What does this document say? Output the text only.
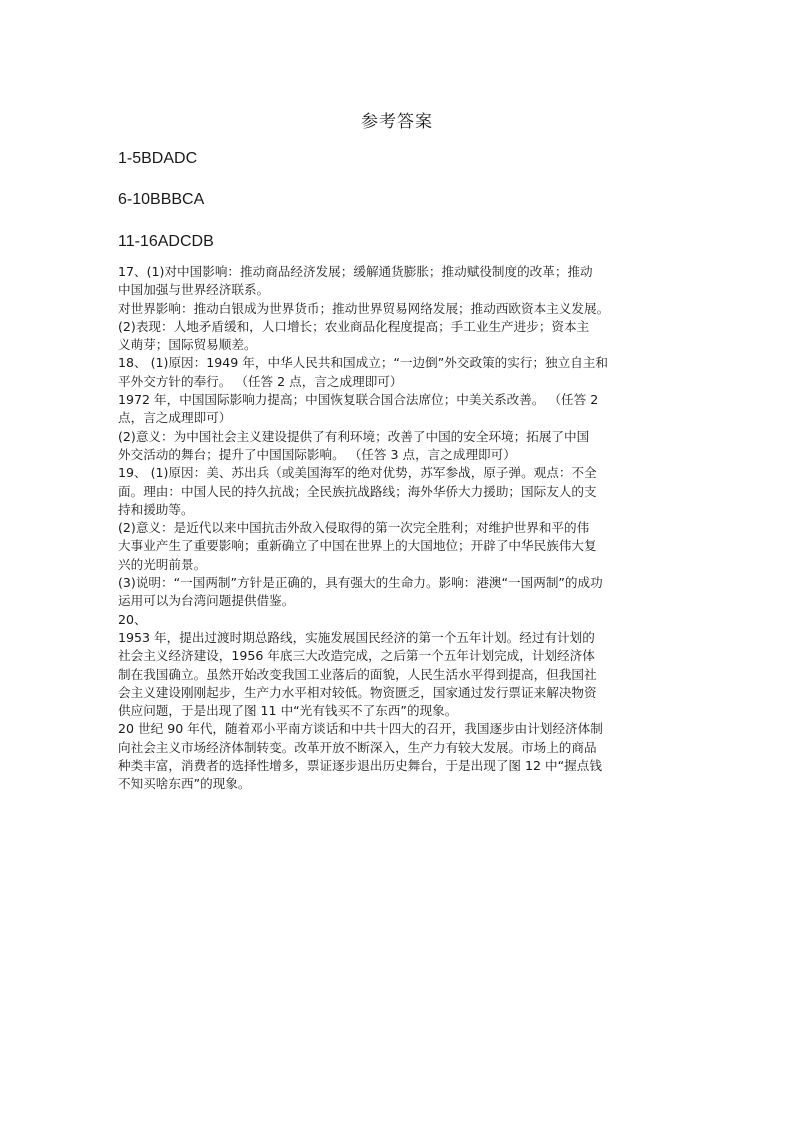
参考答案
1-5BDADC
6-10BBBCA
11-16ADCDB
17、(1)对中国影响：推动商品经济发展；缓解通货膨胀；推动赋役制度的改革；推动
中国加强与世界经济联系。
对世界影响：推动白银成为世界货币；推动世界贸易网络发展；推动西欧资本主义发展。
(2)表现：人地矛盾缓和，人口增长；农业商品化程度提高；手工业生产进步；资本主
义萌芽；国际贸易顺差。
18、 (1)原因：1949 年，中华人民共和国成立；“一边倒”外交政策的实行；独立自主和
平外交方针的奉行。 （任答 2 点，言之成理即可）
1972 年，中国国际影响力提高；中国恢复联合国合法席位；中美关系改善。 （任答 2
点，言之成理即可）
(2)意义：为中国社会主义建设提供了有利环境；改善了中国的安全环境；拓展了中国
外交活动的舞台；提升了中国国际影响。 （任答 3 点，言之成理即可）
19、 (1)原因：美、苏出兵（或美国海军的绝对优势，苏军参战，原子弹。观点：不全
面。理由：中国人民的持久抗战；全民族抗战路线；海外华侨大力援助；国际友人的支
持和援助等。
(2)意义：是近代以来中国抗击外敌入侵取得的第一次完全胜利；对维护世界和平的伟
大事业产生了重要影响；重新确立了中国在世界上的大国地位；开辟了中华民族伟大复
兴的光明前景。
(3)说明：“一国两制”方针是正确的，具有强大的生命力。影响：港澳“一国两制”的成功
运用可以为台湾问题提供借鉴。
20、
1953 年，提出过渡时期总路线，实施发展国民经济的第一个五年计划。经过有计划的
社会主义经济建设，1956 年底三大改造完成，之后第一个五年计划完成，计划经济体
制在我国确立。虽然开始改变我国工业落后的面貌，人民生活水平得到提高，但我国社
会主义建设刚刚起步，生产力水平相对较低。物资匮乏，国家通过发行票证来解决物资
供应问题，于是出现了图 11 中“光有钱买不了东西”的现象。
20 世纪 90 年代，随着邓小平南方谈话和中共十四大的召开，我国逐步由计划经济体制
向社会主义市场经济体制转变。改革开放不断深入，生产力有较大发展。市场上的商品
种类丰富，消费者的选择性增多，票证逐步退出历史舞台，于是出现了图 12 中“握点钱
不知买啥东西”的现象。
